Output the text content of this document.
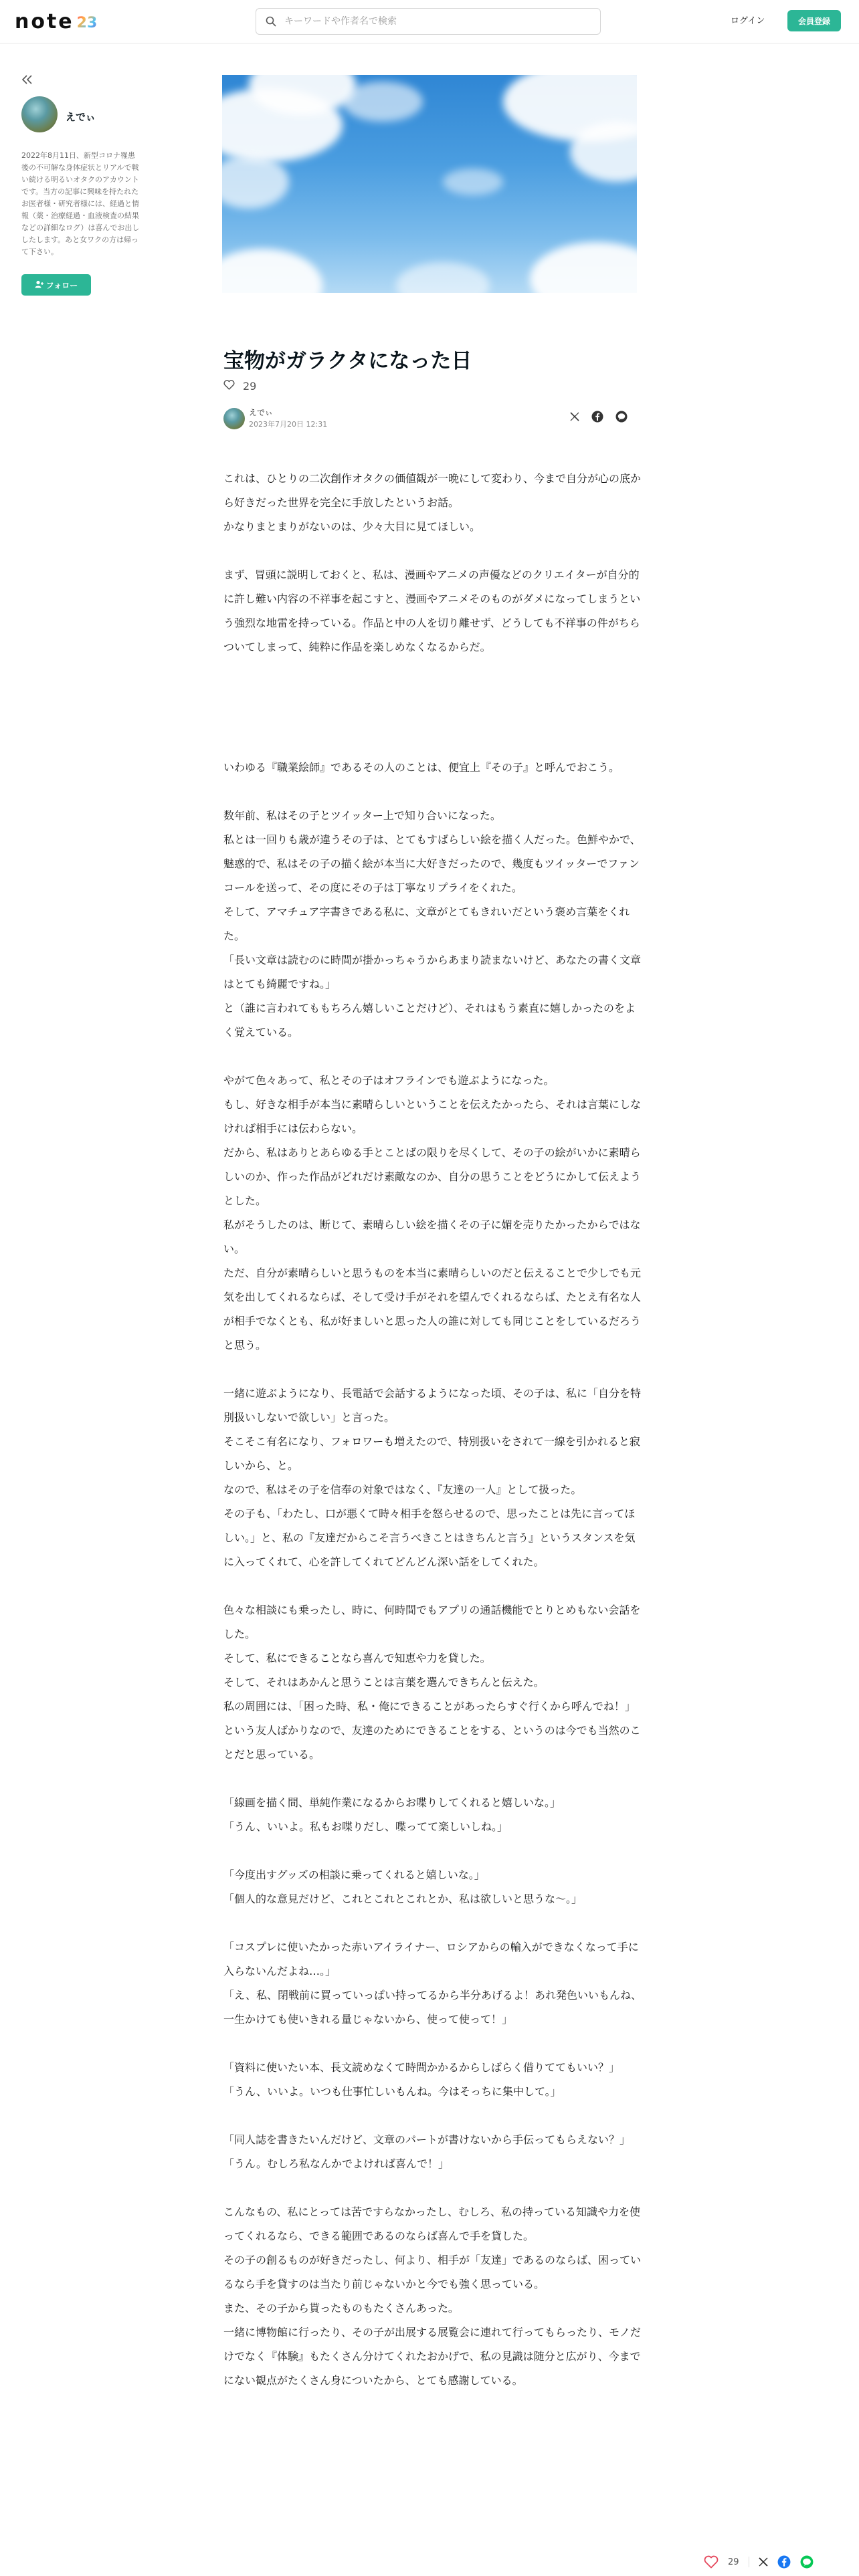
note 23
キーワードや作者名で検索	ログイン	会員登録
えでぃ
2022年8月11日、新型コロナ罹患後の不可解な身体症状とリアルで戦い続ける明るいオタクのアカウントです。当方の記事に興味を持たれたお医者様・研究者様には、経過と情報（薬・治療経過・血液検査の結果などの詳細なログ）は喜んでお出ししたします。あと女ワクの方は帰って下さい。
フォロー
宝物がガラクタになった日
29
えでぃ
2023年7月20日 12:31

これは、ひとりの二次創作オタクの価値観が一晩にして変わり、今まで自分が心の底から好きだった世界を完全に手放したというお話。

かなりまとまりがないのは、少々大目に見てほしい。

まず、冒頭に説明しておくと、私は、漫画やアニメの声優などのクリエイターが自分的に許し難い内容の不祥事を起こすと、漫画やアニメそのものがダメになってしまうという強烈な地雷を持っている。作品と中の人を切り離せず、どうしても不祥事の件がちらついてしまって、純粋に作品を楽しめなくなるからだ。

いわゆる『職業絵師』であるその人のことは、便宜上『その子』と呼んでおこう。

数年前、私はその子とツイッター上で知り合いになった。

私とは一回りも歳が違うその子は、とてもすばらしい絵を描く人だった。色鮮やかで、魅惑的で、私はその子の描く絵が本当に大好きだったので、幾度もツイッターでファンコールを送って、その度にその子は丁寧なリプライをくれた。

そして、アマチュア字書きである私に、文章がとてもきれいだという褒め言葉をくれた。

「長い文章は読むのに時間が掛かっちゃうからあまり読まないけど、あなたの書く文章はとても綺麗ですね。」

と（誰に言われてももちろん嬉しいことだけど）、それはもう素直に嬉しかったのをよく覚えている。

やがて色々あって、私とその子はオフラインでも遊ぶようになった。

もし、好きな相手が本当に素晴らしいということを伝えたかったら、それは言葉にしなければ相手には伝わらない。

だから、私はありとあらゆる手とことばの限りを尽くして、その子の絵がいかに素晴らしいのか、作った作品がどれだけ素敵なのか、自分の思うことをどうにかして伝えようとした。

私がそうしたのは、断じて、素晴らしい絵を描くその子に媚を売りたかったからではない。

ただ、自分が素晴らしいと思うものを本当に素晴らしいのだと伝えることで少しでも元気を出してくれるならば、そして受け手がそれを望んでくれるならば、たとえ有名な人が相手でなくとも、私が好ましいと思った人の誰に対しても同じことをしているだろうと思う。

一緒に遊ぶようになり、長電話で会話するようになった頃、その子は、私に「自分を特別扱いしないで欲しい」と言った。

そこそこ有名になり、フォロワーも増えたので、特別扱いをされて一線を引かれると寂しいから、と。

なので、私はその子を信奉の対象ではなく、『友達の一人』として扱った。

その子も、「わたし、口が悪くて時々相手を怒らせるので、思ったことは先に言ってほしい。」と、私の『友達だからこそ言うべきことはきちんと言う』というスタンスを気に入ってくれて、心を許してくれてどんどん深い話をしてくれた。

色々な相談にも乗ったし、時に、何時間でもアプリの通話機能でとりとめもない会話をした。

そして、私にできることなら喜んで知恵や力を貸した。

そして、それはあかんと思うことは言葉を選んできちんと伝えた。

私の周囲には、「困った時、私・俺にできることがあったらすぐ行くから呼んでね！」という友人ばかりなので、友達のためにできることをする、というのは今でも当然のことだと思っている。

「線画を描く間、単純作業になるからお喋りしてくれると嬉しいな。」

「うん、いいよ。私もお喋りだし、喋ってて楽しいしね。」

「今度出すグッズの相談に乗ってくれると嬉しいな。」

「個人的な意見だけど、これとこれとこれとか、私は欲しいと思うな〜。」

「コスプレに使いたかった赤いアイライナー、ロシアからの輸入ができなくなって手に入らないんだよね…。」

「え、私、閉戦前に買っていっぱい持ってるから半分あげるよ！あれ発色いいもんね、一生かけても使いきれる量じゃないから、使って使って！」

「資料に使いたい本、長文読めなくて時間かかるからしばらく借りててもいい？」

「うん、いいよ。いつも仕事忙しいもんね。今はそっちに集中して。」

「同人誌を書きたいんだけど、文章のパートが書けないから手伝ってもらえない？」

「うん。むしろ私なんかでよければ喜んで！」

こんなもの、私にとっては苦ですらなかったし、むしろ、私の持っている知識や力を使ってくれるなら、できる範囲であるのならば喜んで手を貸した。

その子の創るものが好きだったし、何より、相手が「友達」であるのならば、困っているなら手を貸すのは当たり前じゃないかと今でも強く思っている。

また、その子から貰ったものもたくさんあった。

一緒に博物館に行ったり、その子が出展する展覧会に連れて行ってもらったり、モノだけでなく『体験』もたくさん分けてくれたおかげで、私の見識は随分と広がり、今までにない観点がたくさん身についたから、とても感謝している。

29
